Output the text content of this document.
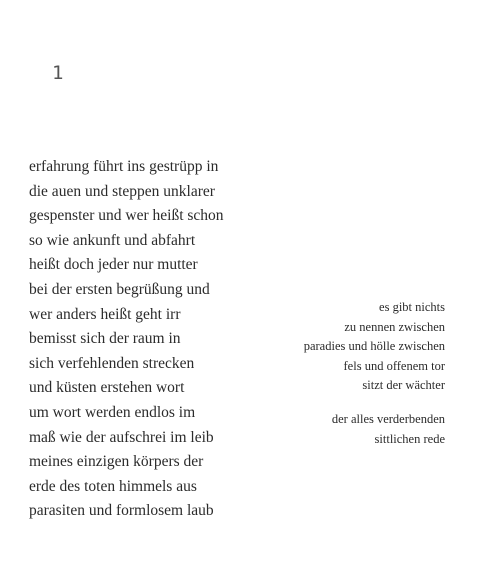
1
erfahrung führt ins gestrüpp in
die auen und steppen unklarer
gespenster und wer heißt schon
so wie ankunft und abfahrt
heißt doch jeder nur mutter
bei der ersten begrüßung und
wer anders heißt geht irr
bemisst sich der raum in
sich verfehlenden strecken
und küsten erstehen wort
um wort werden endlos im
maß wie der aufschrei im leib
meines einzigen körpers der
erde des toten himmels aus
parasiten und formlosem laub
es gibt nichts
zu nennen zwischen
paradies und hölle zwischen
fels und offenem tor
sitzt der wächter
der alles verderbenden
sittlichen rede
